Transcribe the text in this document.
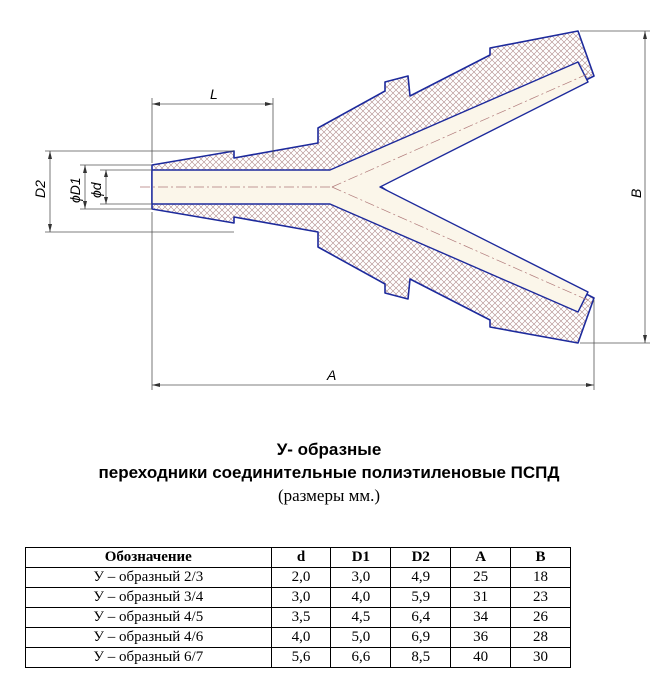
L
A
D2 ϕD1 ϕd	B
У- образные
переходники соединительные полиэтиленовые ПСПД
(размеры мм.)
Обозначение	d	D1	D2	A	B
У – образный 2/3	2,0	3,0	4,9	25	18
У – образный 3/4	3,0	4,0	5,9	31	23
У – образный 4/5	3,5	4,5	6,4	34	26
У – образный 4/6	4,0	5,0	6,9	36	28
У – образный 6/7	5,6	6,6	8,5	40	30
